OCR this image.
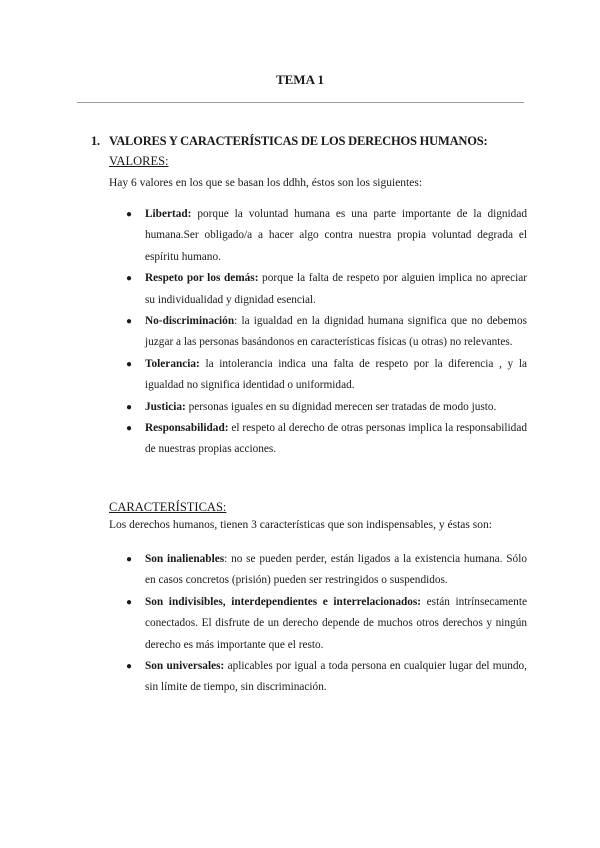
TEMA 1
1. VALORES Y CARACTERÍSTICAS DE LOS DERECHOS HUMANOS:
VALORES:
Hay 6 valores en los que se basan los ddhh, éstos son los siguientes:
● Libertad: porque la voluntad humana es una parte importante de la dignidad humana.Ser obligado/a a hacer algo contra nuestra propia voluntad degrada el espíritu humano.
● Respeto por los demás: porque la falta de respeto por alguien implica no apreciar su individualidad y dignidad esencial.
● No-discriminación: la igualdad en la dignidad humana significa que no debemos juzgar a las personas basándonos en características físicas (u otras) no relevantes.
● Tolerancia: la intolerancia indica una falta de respeto por la diferencia , y la igualdad no significa identidad o uniformidad.
● Justicia: personas iguales en su dignidad merecen ser tratadas de modo justo.
● Responsabilidad: el respeto al derecho de otras personas implica la responsabilidad de nuestras propias acciones.
CARACTERÍSTICAS:
Los derechos humanos, tienen 3 características que son indispensables, y éstas son:
● Son inalienables: no se pueden perder, están ligados a la existencia humana. Sólo en casos concretos (prisión) pueden ser restringidos o suspendidos.
● Son indivisibles, interdependientes e interrelacionados: están intrínsecamente conectados. El disfrute de un derecho depende de muchos otros derechos y ningún derecho es más importante que el resto.
● Son universales: aplicables por igual a toda persona en cualquier lugar del mundo, sin límite de tiempo, sin discriminación.
